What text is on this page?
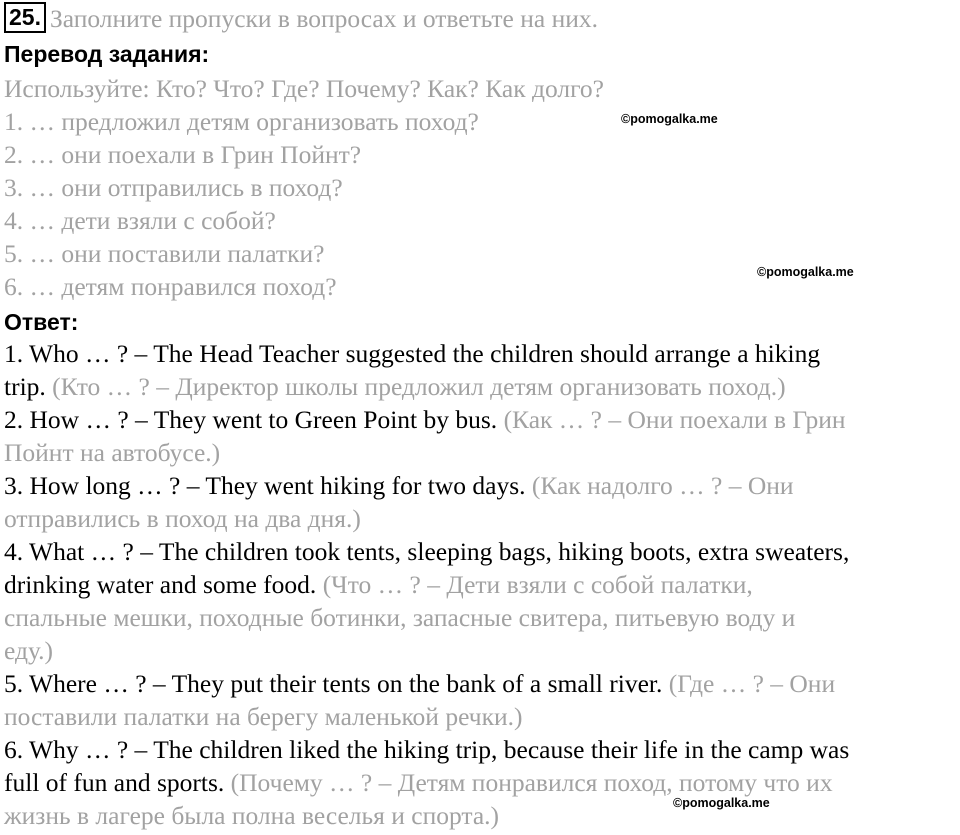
25. Заполните пропуски в вопросах и ответьте на них.
Перевод задания:
Используйте: Кто? Что? Где? Почему? Как? Как долго?
1. … предложил детям организовать поход?
2. … они поехали в Грин Пойнт?
3. … они отправились в поход?
4. … дети взяли с собой?
5. … они поставили палатки?
6. … детям понравился поход?
Ответ:
1. Who … ? – The Head Teacher suggested the children should arrange a hiking
trip. (Кто … ? – Директор школы предложил детям организовать поход.)
2. How … ? – They went to Green Point by bus. (Как … ? – Они поехали в Грин
Пойнт на автобусе.)
3. How long … ? – They went hiking for two days. (Как надолго … ? – Они
отправились в поход на два дня.)
4. What … ? – The children took tents, sleeping bags, hiking boots, extra sweaters,
drinking water and some food. (Что … ? – Дети взяли с собой палатки,
спальные мешки, походные ботинки, запасные свитера, питьевую воду и
еду.)
5. Where … ? – They put their tents on the bank of a small river. (Где … ? – Они
поставили палатки на берегу маленькой речки.)
6. Why … ? – The children liked the hiking trip, because their life in the camp was
full of fun and sports. (Почему … ? – Детям понравился поход, потому что их
жизнь в лагере была полна веселья и спорта.)
©pomogalka.me
©pomogalka.me
©pomogalka.me
